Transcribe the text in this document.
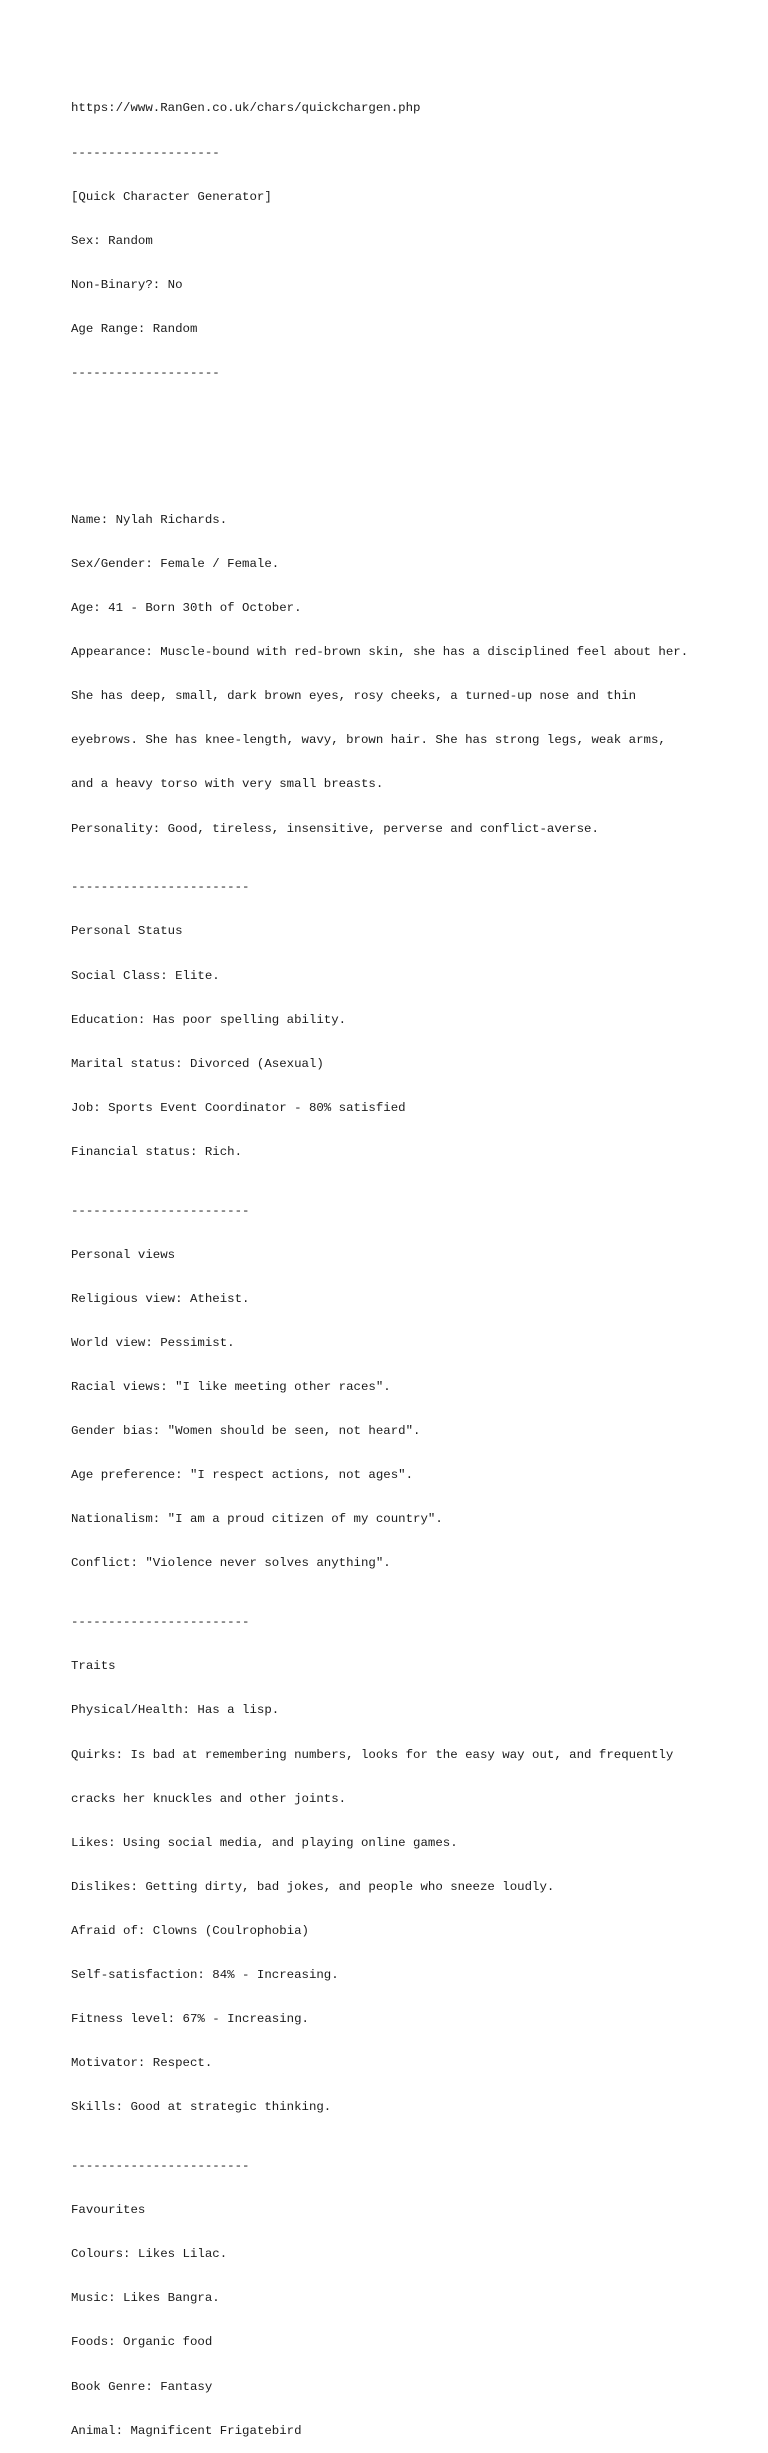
https://www.RanGen.co.uk/chars/quickchargen.php

--------------------

[Quick Character Generator]

Sex: Random

Non-Binary?: No

Age Range: Random

--------------------

Name: Nylah Richards.

Sex/Gender: Female / Female.

Age: 41 - Born 30th of October.

Appearance: Muscle-bound with red-brown skin, she has a disciplined feel about her.

She has deep, small, dark brown eyes, rosy cheeks, a turned-up nose and thin

eyebrows. She has knee-length, wavy, brown hair. She has strong legs, weak arms,

and a heavy torso with very small breasts.

Personality: Good, tireless, insensitive, perverse and conflict-averse.

------------------------

Personal Status

Social Class: Elite.

Education: Has poor spelling ability.

Marital status: Divorced (Asexual)

Job: Sports Event Coordinator - 80% satisfied

Financial status: Rich.

------------------------

Personal views

Religious view: Atheist.

World view: Pessimist.

Racial views: "I like meeting other races".

Gender bias: "Women should be seen, not heard".

Age preference: "I respect actions, not ages".

Nationalism: "I am a proud citizen of my country".

Conflict: "Violence never solves anything".

------------------------

Traits

Physical/Health: Has a lisp.

Quirks: Is bad at remembering numbers, looks for the easy way out, and frequently

cracks her knuckles and other joints.

Likes: Using social media, and playing online games.

Dislikes: Getting dirty, bad jokes, and people who sneeze loudly.

Afraid of: Clowns (Coulrophobia)

Self-satisfaction: 84% - Increasing.

Fitness level: 67% - Increasing.

Motivator: Respect.

Skills: Good at strategic thinking.

------------------------

Favourites

Colours: Likes Lilac.

Music: Likes Bangra.

Foods: Organic food

Book Genre: Fantasy

Animal: Magnificent Frigatebird
